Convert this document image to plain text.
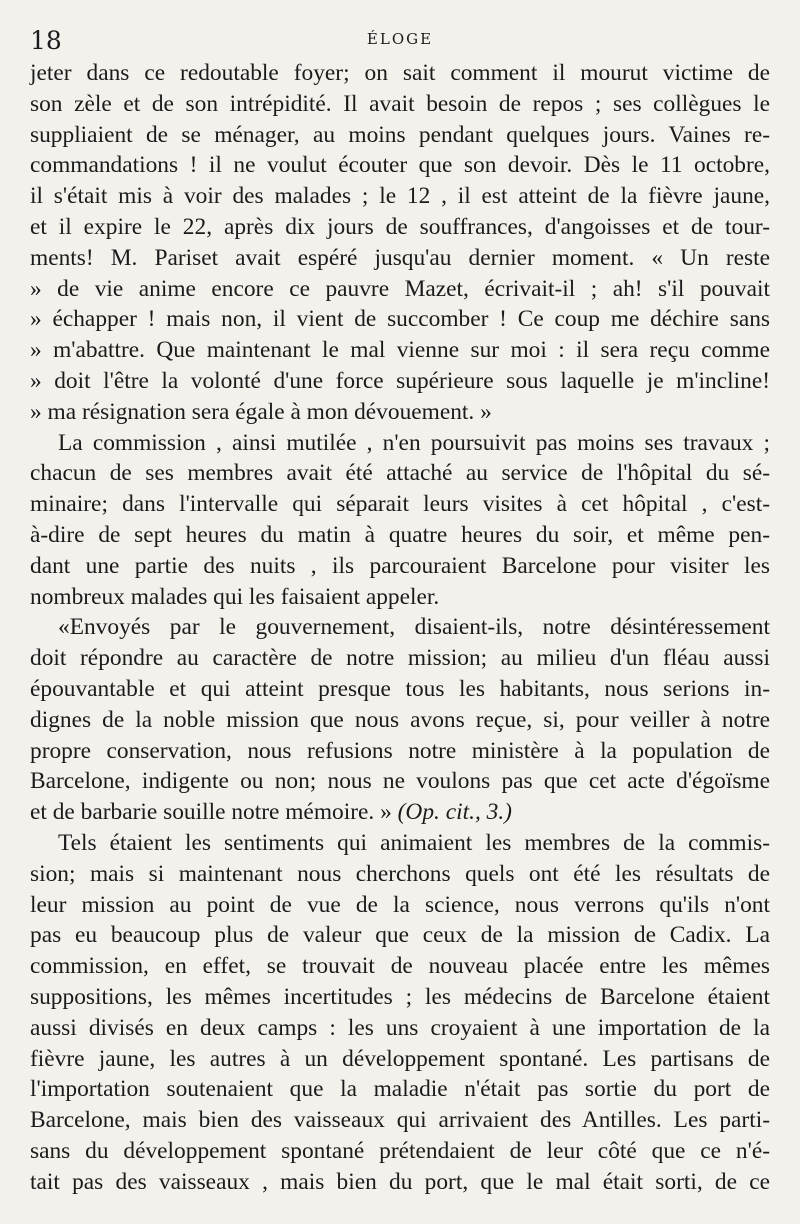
18	ÉLOGE

jeter dans ce redoutable foyer; on sait comment il mourut victime de
son zèle et de son intrépidité. Il avait besoin de repos ; ses collègues le
suppliaient de se ménager, au moins pendant quelques jours. Vaines re-
commandations ! il ne voulut écouter que son devoir. Dès le 11 octobre,
il s'était mis à voir des malades ; le 12 , il est atteint de la fièvre jaune,
et il expire le 22, après dix jours de souffrances, d'angoisses et de tour-
ments! M. Pariset avait espéré jusqu'au dernier moment. « Un reste
» de vie anime encore ce pauvre Mazet, écrivait-il ; ah! s'il pouvait
» échapper ! mais non, il vient de succomber ! Ce coup me déchire sans
» m'abattre. Que maintenant le mal vienne sur moi : il sera reçu comme
» doit l'être la volonté d'une force supérieure sous laquelle je m'incline!
» ma résignation sera égale à mon dévouement. »

La commission , ainsi mutilée , n'en poursuivit pas moins ses travaux ;
chacun de ses membres avait été attaché au service de l'hôpital du sé-
minaire; dans l'intervalle qui séparait leurs visites à cet hôpital , c'est-
à-dire de sept heures du matin à quatre heures du soir, et même pen-
dant une partie des nuits , ils parcouraient Barcelone pour visiter les
nombreux malades qui les faisaient appeler.

«Envoyés par le gouvernement, disaient-ils, notre désintéressement
doit répondre au caractère de notre mission; au milieu d'un fléau aussi
épouvantable et qui atteint presque tous les habitants, nous serions in-
dignes de la noble mission que nous avons reçue, si, pour veiller à notre
propre conservation, nous refusions notre ministère à la population de
Barcelone, indigente ou non; nous ne voulons pas que cet acte d'égoïsme
et de barbarie souille notre mémoire. » (Op. cit., 3.)

Tels étaient les sentiments qui animaient les membres de la commis-
sion; mais si maintenant nous cherchons quels ont été les résultats de
leur mission au point de vue de la science, nous verrons qu'ils n'ont
pas eu beaucoup plus de valeur que ceux de la mission de Cadix. La
commission, en effet, se trouvait de nouveau placée entre les mêmes
suppositions, les mêmes incertitudes ; les médecins de Barcelone étaient
aussi divisés en deux camps : les uns croyaient à une importation de la
fièvre jaune, les autres à un développement spontané. Les partisans de
l'importation soutenaient que la maladie n'était pas sortie du port de
Barcelone, mais bien des vaisseaux qui arrivaient des Antilles. Les parti-
sans du développement spontané prétendaient de leur côté que ce n'é-
tait pas des vaisseaux , mais bien du port, que le mal était sorti, de ce
